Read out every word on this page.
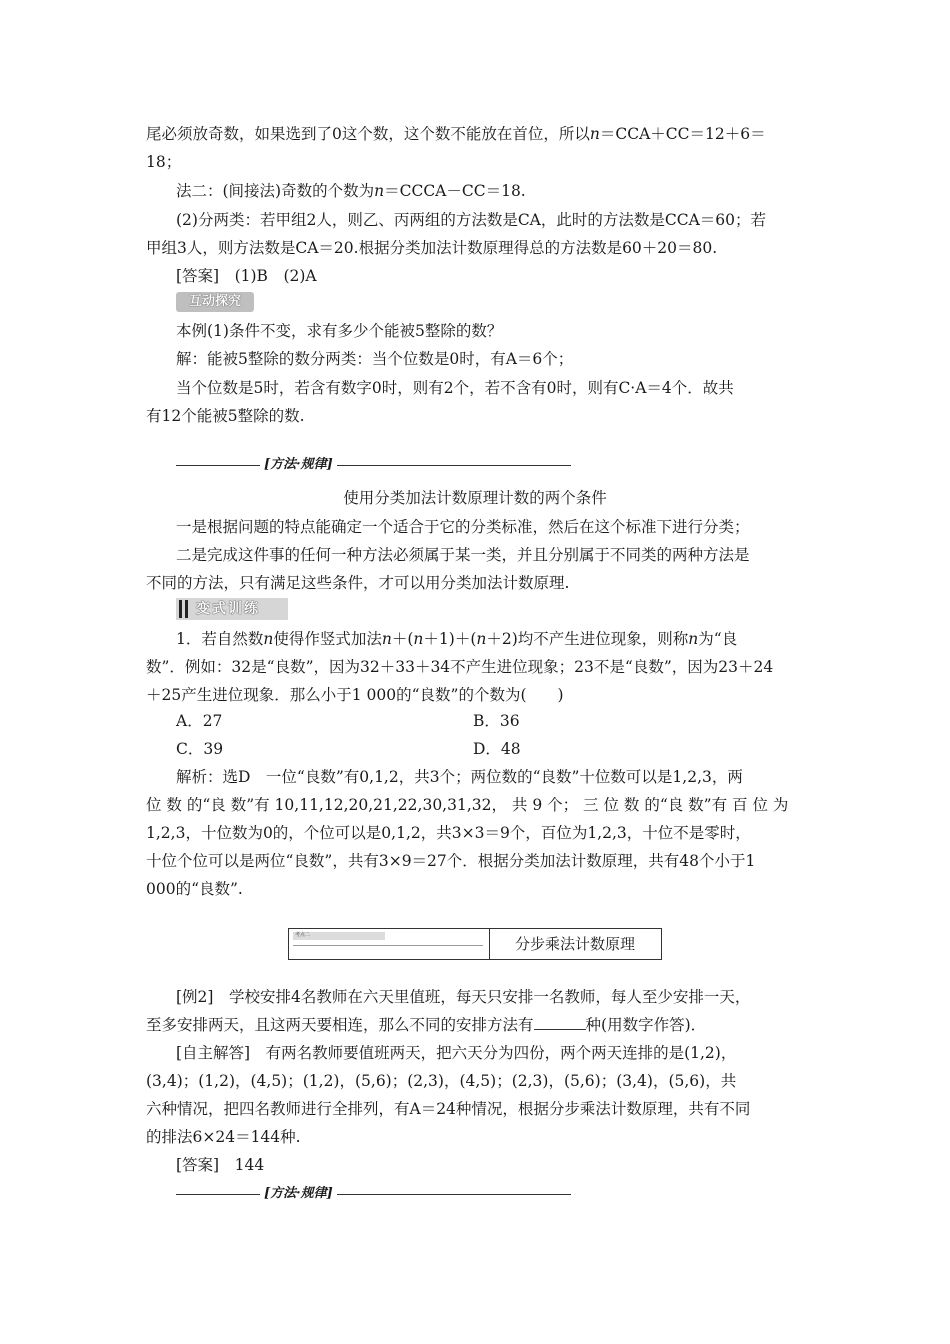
尾必须放奇数，如果选到了0这个数，这个数不能放在首位，所以n＝CCA＋CC＝12＋6＝
18；
法二：(间接法)奇数的个数为n＝CCCA－CC＝18.
(2)分两类：若甲组2人，则乙、丙两组的方法数是CA，此时的方法数是CCA＝60；若
甲组3人，则方法数是CA＝20.根据分类加法计数原理得总的方法数是60＋20＝80.
[答案]　(1)B　(2)A
互动探究
本例(1)条件不变，求有多少个能被5整除的数？
解：能被5整除的数分两类：当个位数是0时，有A＝6个；
当个位数是5时，若含有数字0时，则有2个，若不含有0时，则有C·A＝4个．故共
有12个能被5整除的数.
[方法·规律]
使用分类加法计数原理计数的两个条件
一是根据问题的特点能确定一个适合于它的分类标准，然后在这个标准下进行分类；
二是完成这件事的任何一种方法必须属于某一类，并且分别属于不同类的两种方法是
不同的方法，只有满足这些条件，才可以用分类加法计数原理.
变式训练
1．若自然数n使得作竖式加法n＋(n＋1)＋(n＋2)均不产生进位现象，则称n为“良
数”．例如：32是“良数”，因为32＋33＋34不产生进位现象；23不是“良数”，因为23＋24
＋25产生进位现象．那么小于1 000的“良数”的个数为(　　)
A．27	B．36
C．39	D．48
解析：选D　一位“良数”有0,1,2，共3个；两位数的“良数”十位数可以是1,2,3，两
位 数 的“良 数”有 10,11,12,20,21,22,30,31,32， 共 9 个； 三 位 数 的“良 数”有 百 位 为
1,2,3，十位数为0的，个位可以是0,1,2，共3×3＝9个，百位为1,2,3，十位不是零时，
十位个位可以是两位“良数”，共有3×9＝27个．根据分类加法计数原理，共有48个小于1
000的“良数”.
考点二	分步乘法计数原理
[例2]　学校安排4名教师在六天里值班，每天只安排一名教师，每人至少安排一天，
至多安排两天，且这两天要相连，那么不同的安排方法有	种(用数字作答)．
[自主解答]　有两名教师要值班两天，把六天分为四份，两个两天连排的是(1,2)，
(3,4)；(1,2)，(4,5)；(1,2)，(5,6)；(2,3)，(4,5)；(2,3)，(5,6)；(3,4)，(5,6)，共
六种情况，把四名教师进行全排列，有A＝24种情况，根据分步乘法计数原理，共有不同
的排法6×24＝144种.
[答案]　144
[方法·规律]
